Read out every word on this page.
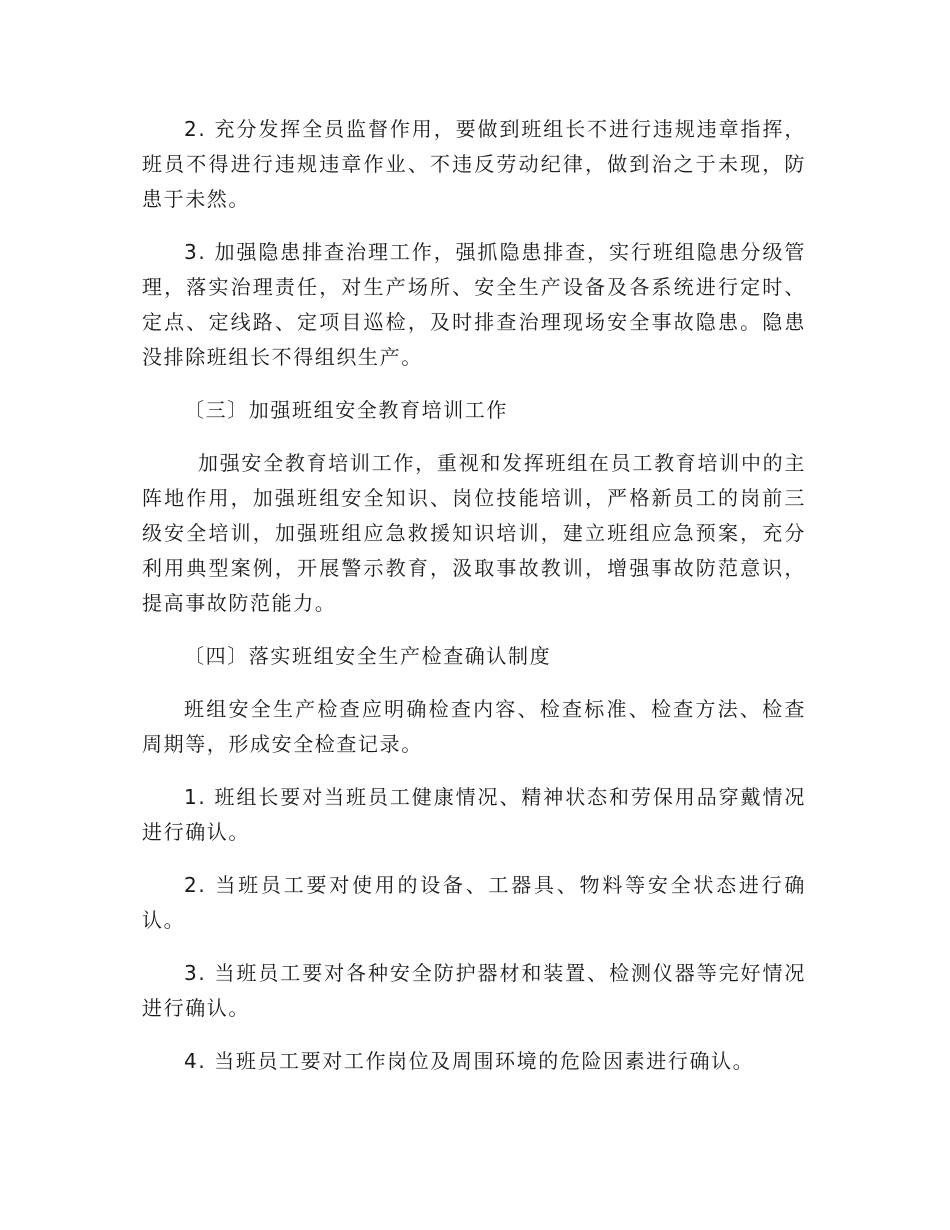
2. 充分发挥全员监督作用，要做到班组长不进行违规违章指挥，班员不得进行违规违章作业、不违反劳动纪律，做到治之于未现，防患于未然。

3. 加强隐患排查治理工作，强抓隐患排查，实行班组隐患分级管理，落实治理责任，对生产场所、安全生产设备及各系统进行定时、定点、定线路、定项目巡检，及时排查治理现场安全事故隐患。隐患没排除班组长不得组织生产。

〔三〕加强班组安全教育培训工作

加强安全教育培训工作，重视和发挥班组在员工教育培训中的主阵地作用，加强班组安全知识、岗位技能培训，严格新员工的岗前三级安全培训，加强班组应急救援知识培训，建立班组应急预案，充分利用典型案例，开展警示教育，汲取事故教训，增强事故防范意识，提高事故防范能力。

〔四〕落实班组安全生产检查确认制度

班组安全生产检查应明确检查内容、检查标准、检查方法、检查周期等，形成安全检查记录。

1. 班组长要对当班员工健康情况、精神状态和劳保用品穿戴情况进行确认。

2. 当班员工要对使用的设备、工器具、物料等安全状态进行确认。

3. 当班员工要对各种安全防护器材和装置、检测仪器等完好情况进行确认。

4. 当班员工要对工作岗位及周围环境的危险因素进行确认。
